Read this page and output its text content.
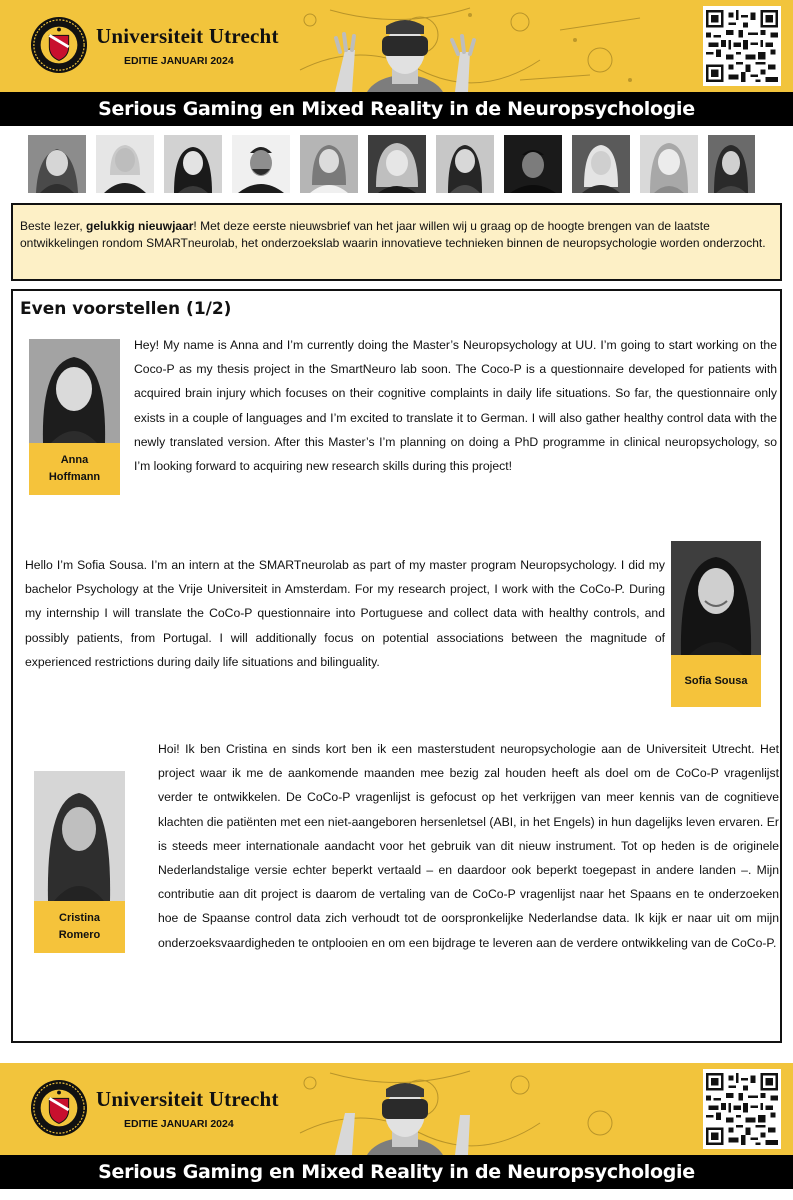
Universiteit Utrecht
EDITIE JANUARI 2024
Serious Gaming en Mixed Reality in de Neuropsychologie
Beste lezer, gelukkig nieuwjaar! Met deze eerste nieuwsbrief van het jaar willen wij u graag op de hoogte brengen van de laatste ontwikkelingen rondom SMARTneurolab, het onderzoekslab waarin innovatieve technieken binnen de neuropsychologie worden onderzocht.
Even voorstellen (1/2)
Anna
Hoffmann
Hey! My name is Anna and I’m currently doing the Master’s Neuropsychology at UU. I’m going to start working on the Coco-P as my thesis project in the SmartNeuro lab soon. The Coco-P is a questionnaire developed for patients with acquired brain injury which focuses on their cognitive complaints in daily life situations. So far, the questionnaire only exists in a couple of languages and I’m excited to translate it to German. I will also gather healthy control data with the newly translated version. After this Master’s I’m planning on doing a PhD programme in clinical neuropsychology, so I’m looking forward to acquiring new research skills during this project!
Hello I’m Sofia Sousa. I’m an intern at the SMARTneurolab as part of my master program Neuropsychology. I did my bachelor Psychology at the Vrije Universiteit in Amsterdam. For my research project, I work with the CoCo-P. During my internship I will translate the CoCo-P questionnaire into Portuguese and collect data with healthy controls, and possibly patients, from Portugal. I will additionally focus on potential associations between the magnitude of experienced restrictions during daily life situations and bilinguality.
Sofia Sousa
Cristina
Romero
Hoi! Ik ben Cristina en sinds kort ben ik een masterstudent neuropsychologie aan de Universiteit Utrecht. Het project waar ik me de aankomende maanden mee bezig zal houden heeft als doel om de CoCo-P vragenlijst verder te ontwikkelen. De CoCo-P vragenlijst is gefocust op het verkrijgen van meer kennis van de cognitieve klachten die patiënten met een niet-aangeboren hersenletsel (ABI, in het Engels) in hun dagelijks leven ervaren. Er is steeds meer internationale aandacht voor het gebruik van dit nieuw instrument. Tot op heden is de originele Nederlandstalige versie echter beperkt vertaald – en daardoor ook beperkt toegepast in andere landen –. Mijn contributie aan dit project is daarom de vertaling van de CoCo-P vragenlijst naar het Spaans en te onderzoeken hoe de Spaanse control data zich verhoudt tot de oorspronkelijke Nederlandse data. Ik kijk er naar uit om mijn onderzoeksvaardigheden te ontplooien en om een bijdrage te leveren aan de verdere ontwikkeling van de CoCo-P.
Universiteit Utrecht
EDITIE JANUARI 2024
Serious Gaming en Mixed Reality in de Neuropsychologie
